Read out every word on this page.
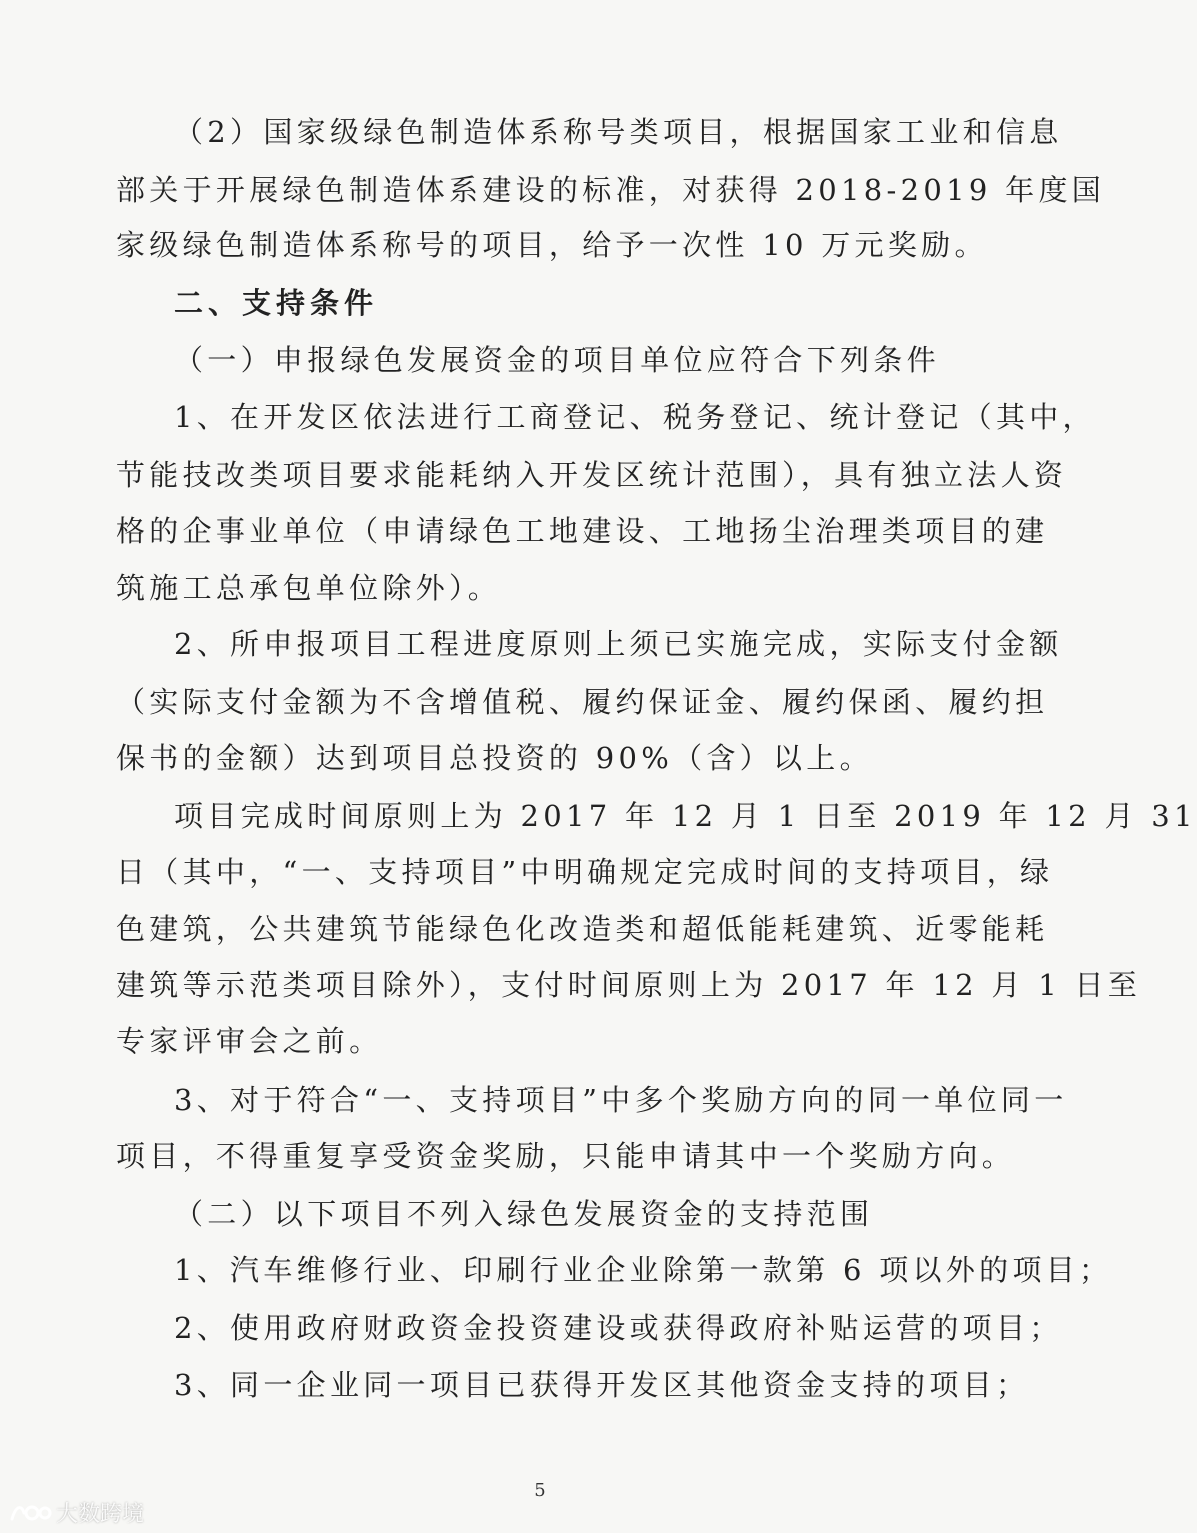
（2）国家级绿色制造体系称号类项目，根据国家工业和信息
部关于开展绿色制造体系建设的标准，对获得 2018-2019 年度国
家级绿色制造体系称号的项目，给予一次性 10 万元奖励。
二、支持条件
（一）申报绿色发展资金的项目单位应符合下列条件
1、在开发区依法进行工商登记、税务登记、统计登记（其中，
节能技改类项目要求能耗纳入开发区统计范围），具有独立法人资
格的企事业单位（申请绿色工地建设、工地扬尘治理类项目的建
筑施工总承包单位除外）。
2、所申报项目工程进度原则上须已实施完成，实际支付金额
（实际支付金额为不含增值税、履约保证金、履约保函、履约担
保书的金额）达到项目总投资的 90%（含）以上。
项目完成时间原则上为 2017 年 12 月 1 日至 2019 年 12 月 31
日（其中，“一、支持项目”中明确规定完成时间的支持项目，绿
色建筑，公共建筑节能绿色化改造类和超低能耗建筑、近零能耗
建筑等示范类项目除外），支付时间原则上为 2017 年 12 月 1 日至
专家评审会之前。
3、对于符合“一、支持项目”中多个奖励方向的同一单位同一
项目，不得重复享受资金奖励，只能申请其中一个奖励方向。
（二）以下项目不列入绿色发展资金的支持范围
1、汽车维修行业、印刷行业企业除第一款第 6 项以外的项目；
2、使用政府财政资金投资建设或获得政府补贴运营的项目；
3、同一企业同一项目已获得开发区其他资金支持的项目；
5
大数跨境
